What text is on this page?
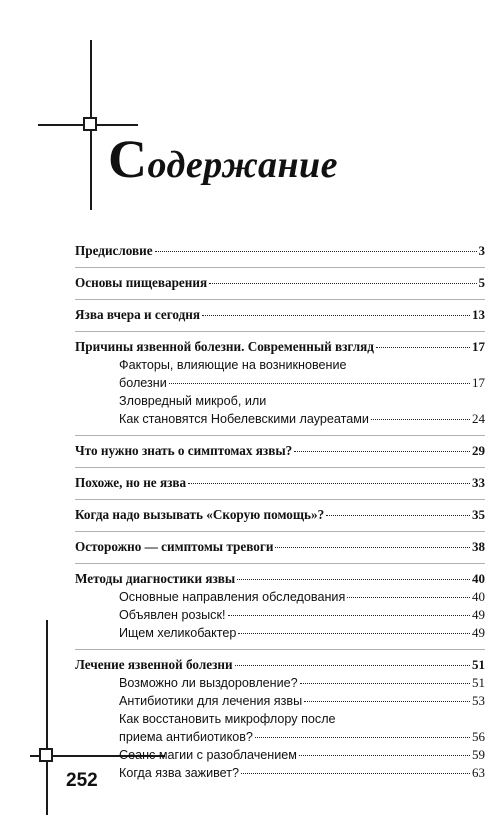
Содержание
Предисловие	3
Основы пищеварения	5
Язва вчера и сегодня	13
Причины язвенной болезни. Современный взгляд	17
Факторы, влияющие на возникновение
болезни	17
Зловредный микроб, или
Как становятся Нобелевскими лауреатами	24
Что нужно знать о симптомах язвы?	29
Похоже, но не язва	33
Когда надо вызывать «Скорую помощь»?	35
Осторожно — симптомы тревоги	38
Методы диагностики язвы	40
Основные направления обследования	40
Объявлен розыск!	49
Ищем хеликобактер	49
Лечение язвенной болезни	51
Возможно ли выздоровление?	51
Антибиотики для лечения язвы	53
Как восстановить микрофлору после
приема антибиотиков?	56
Сеанс магии с разоблачением	59
Когда язва заживет?	63
252
